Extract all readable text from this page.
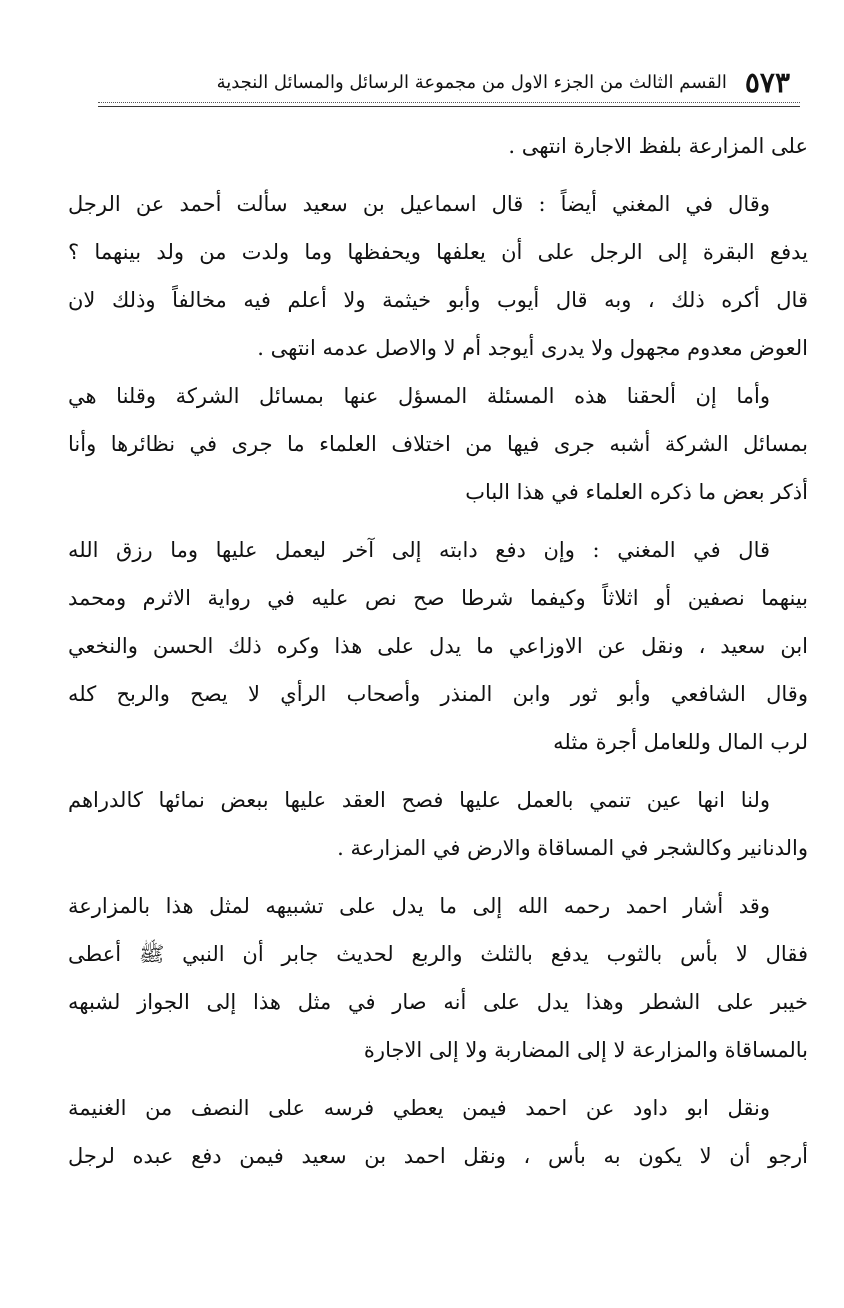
٥٧٣
القسم الثالث من الجزء الاول من مجموعة الرسائل والمسائل النجدية
على المزارعة بلفظ الاجارة انتهى .
وقال في المغني أيضاً : قال اسماعيل بن سعيد سألت أحمد عن الرجل
يدفع البقرة إلى الرجل على أن يعلفها ويحفظها وما ولدت من ولد بينهما ؟
قال أكره ذلك ، وبه قال أيوب وأبو خيثمة ولا أعلم فيه مخالفاً وذلك لان
العوض معدوم مجهول ولا يدرى أيوجد أم لا والاصل عدمه انتهى .
وأما إن ألحقنا هذه المسئلة المسؤل عنها بمسائل الشركة وقلنا هي
بمسائل الشركة أشبه جرى فيها من اختلاف العلماء ما جرى في نظائرها وأنا
أذكر بعض ما ذكره العلماء في هذا الباب
قال في المغني : وإن دفع دابته إلى آخر ليعمل عليها وما رزق الله
بينهما نصفين أو اثلاثاً وكيفما شرطا صح نص عليه في رواية الاثرم ومحمد
ابن سعيد ، ونقل عن الاوزاعي ما يدل على هذا وكره ذلك الحسن والنخعي
وقال الشافعي وأبو ثور وابن المنذر وأصحاب الرأي لا يصح والربح كله
لرب المال وللعامل أجرة مثله
ولنا انها عين تنمي بالعمل عليها فصح العقد عليها ببعض نمائها كالدراهم
والدنانير وكالشجر في المساقاة والارض في المزارعة .
وقد أشار احمد رحمه الله إلى ما يدل على تشبيهه لمثل هذا بالمزارعة
فقال لا بأس بالثوب يدفع بالثلث والربع لحديث جابر أن النبي ﷺ أعطى
خيبر على الشطر وهذا يدل على أنه صار في مثل هذا إلى الجواز لشبهه
بالمساقاة والمزارعة لا إلى المضاربة ولا إلى الاجارة
ونقل ابو داود عن احمد فيمن يعطي فرسه على النصف من الغنيمة
أرجو أن لا يكون به بأس ، ونقل احمد بن سعيد فيمن دفع عبده لرجل
